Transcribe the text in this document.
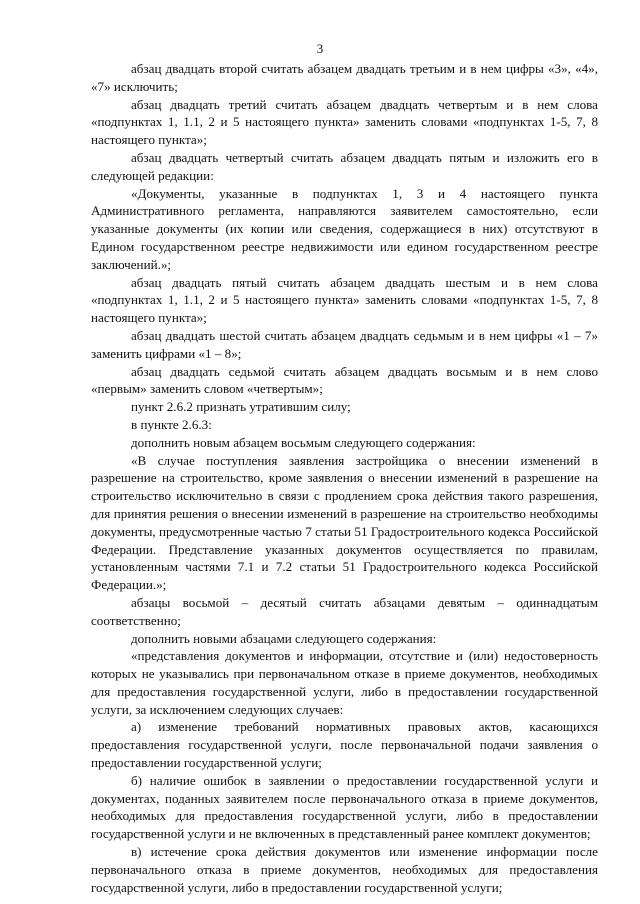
3

абзац двадцать второй считать абзацем двадцать третьим и в нем цифры «3», «4», «7» исключить;

абзац двадцать третий считать абзацем двадцать четвертым и в нем слова «подпунктах 1, 1.1, 2 и 5 настоящего пункта» заменить словами «подпунктах 1-5, 7, 8 настоящего пункта»;

абзац двадцать четвертый считать абзацем двадцать пятым и изложить его в следующей редакции:

«Документы, указанные в подпунктах 1, 3 и 4 настоящего пункта Административного регламента, направляются заявителем самостоятельно, если указанные документы (их копии или сведения, содержащиеся в них) отсутствуют в Едином государственном реестре недвижимости или едином государственном реестре заключений.»;

абзац двадцать пятый считать абзацем двадцать шестым и в нем слова «подпунктах 1, 1.1, 2 и 5 настоящего пункта» заменить словами «подпунктах 1-5, 7, 8 настоящего пункта»;

абзац двадцать шестой считать абзацем двадцать седьмым и в нем цифры «1 – 7» заменить цифрами «1 – 8»;

абзац двадцать седьмой считать абзацем двадцать восьмым и в нем слово «первым» заменить словом «четвертым»;

пункт 2.6.2 признать утратившим силу;

в пункте 2.6.3:

дополнить новым абзацем восьмым следующего содержания:

«В случае поступления заявления застройщика о внесении изменений в разрешение на строительство, кроме заявления о внесении изменений в разрешение на строительство исключительно в связи с продлением срока действия такого разрешения, для принятия решения о внесении изменений в разрешение на строительство необходимы документы, предусмотренные частью 7 статьи 51 Градостроительного кодекса Российской Федерации. Представление указанных документов осуществляется по правилам, установленным частями 7.1 и 7.2 статьи 51 Градостроительного кодекса Российской Федерации.»;

абзацы восьмой – десятый считать абзацами девятым – одиннадцатым соответственно;

дополнить новыми абзацами следующего содержания:

«представления документов и информации, отсутствие и (или) недостоверность которых не указывались при первоначальном отказе в приеме документов, необходимых для предоставления государственной услуги, либо в предоставлении государственной услуги, за исключением следующих случаев:

а) изменение требований нормативных правовых актов, касающихся предоставления государственной услуги, после первоначальной подачи заявления о предоставлении государственной услуги;

б) наличие ошибок в заявлении о предоставлении государственной услуги и документах, поданных заявителем после первоначального отказа в приеме документов, необходимых для предоставления государственной услуги, либо в предоставлении государственной услуги и не включенных в представленный ранее комплект документов;

в) истечение срока действия документов или изменение информации после первоначального отказа в приеме документов, необходимых для предоставления государственной услуги, либо в предоставлении государственной услуги;
